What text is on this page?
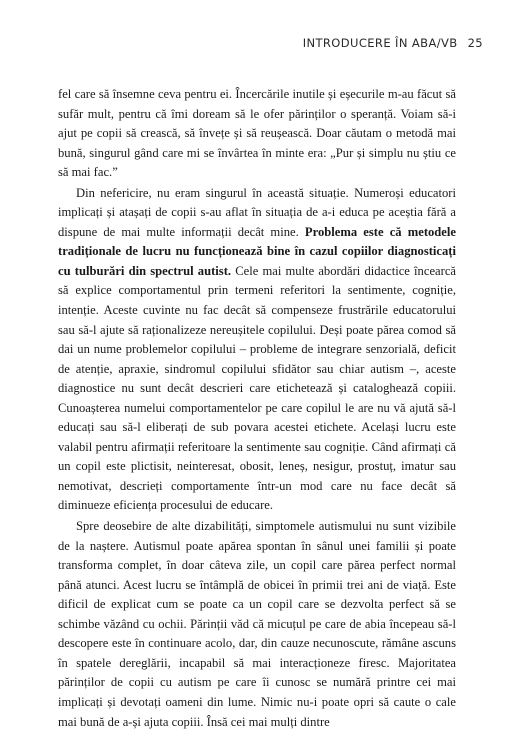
INTRODUCERE ÎN ABA/VB 25

fel care să însemne ceva pentru ei. Încercările inutile și eșecurile m-au făcut să sufăr mult, pentru că îmi doream să le ofer părinților o speranță. Voiam să-i ajut pe copii să crească, să învețe și să reușească. Doar căutam o metodă mai bună, singurul gând care mi se învârtea în minte era: „Pur și simplu nu știu ce să mai fac.”

Din nefericire, nu eram singurul în această situație. Numeroși educatori implicați și atașați de copii s-au aflat în situația de a-i educa pe aceștia fără a dispune de mai multe informații decât mine. Problema este că metodele tradiționale de lucru nu funcționează bine în cazul copiilor diagnosticați cu tulburări din spectrul autist. Cele mai multe abordări didactice încearcă să explice comportamentul prin termeni referitori la sentimente, cogniție, intenție. Aceste cuvinte nu fac decât să compenseze frustrările educatorului sau să-l ajute să raționalizeze nereușitele copilului. Deși poate părea comod să dai un nume problemelor copilului – probleme de integrare senzorială, deficit de atenție, apraxie, sindromul copilului sfidător sau chiar autism –, aceste diagnostice nu sunt decât descrieri care etichetează și cataloghează copiii. Cunoașterea numelui comportamentelor pe care copilul le are nu vă ajută să-l educați sau să-l eliberați de sub povara acestei etichete. Același lucru este valabil pentru afirmații referitoare la sentimente sau cogniție. Când afirmați că un copil este plictisit, neinteresat, obosit, leneș, nesigur, prostuț, imatur sau nemotivat, descrieți comportamente într-un mod care nu face decât să diminueze eficiența procesului de educare.

Spre deosebire de alte dizabilități, simptomele autismului nu sunt vizibile de la naștere. Autismul poate apărea spontan în sânul unei familii și poate transforma complet, în doar câteva zile, un copil care părea perfect normal până atunci. Acest lucru se întâmplă de obicei în primii trei ani de viață. Este dificil de explicat cum se poate ca un copil care se dezvolta perfect să se schimbe văzând cu ochii. Părinții văd că micuțul pe care de abia începeau să-l descopere este în continuare acolo, dar, din cauze necunoscute, rămâne ascuns în spatele dereglării, incapabil să mai interacționeze firesc. Majoritatea părinților de copii cu autism pe care îi cunosc se numără printre cei mai implicați și devotați oameni din lume. Nimic nu-i poate opri să caute o cale mai bună de a-și ajuta copiii. Însă cei mai mulți dintre
